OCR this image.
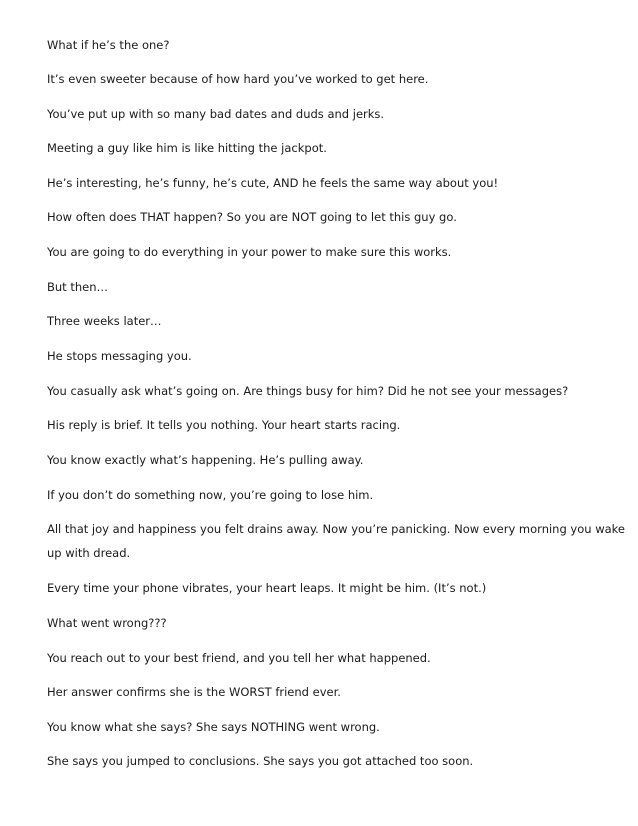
What if he’s the one?

It’s even sweeter because of how hard you’ve worked to get here.

You’ve put up with so many bad dates and duds and jerks.

Meeting a guy like him is like hitting the jackpot.

He’s interesting, he’s funny, he’s cute, AND he feels the same way about you!

How often does THAT happen? So you are NOT going to let this guy go.

You are going to do everything in your power to make sure this works.

But then…

Three weeks later…

He stops messaging you.

You casually ask what’s going on. Are things busy for him? Did he not see your messages?

His reply is brief. It tells you nothing. Your heart starts racing.

You know exactly what’s happening. He’s pulling away.

If you don’t do something now, you’re going to lose him.

All that joy and happiness you felt drains away. Now you’re panicking. Now every morning you wake

up with dread.

Every time your phone vibrates, your heart leaps. It might be him. (It’s not.)

What went wrong???

You reach out to your best friend, and you tell her what happened.

Her answer confirms she is the WORST friend ever.

You know what she says? She says NOTHING went wrong.

She says you jumped to conclusions. She says you got attached too soon.
